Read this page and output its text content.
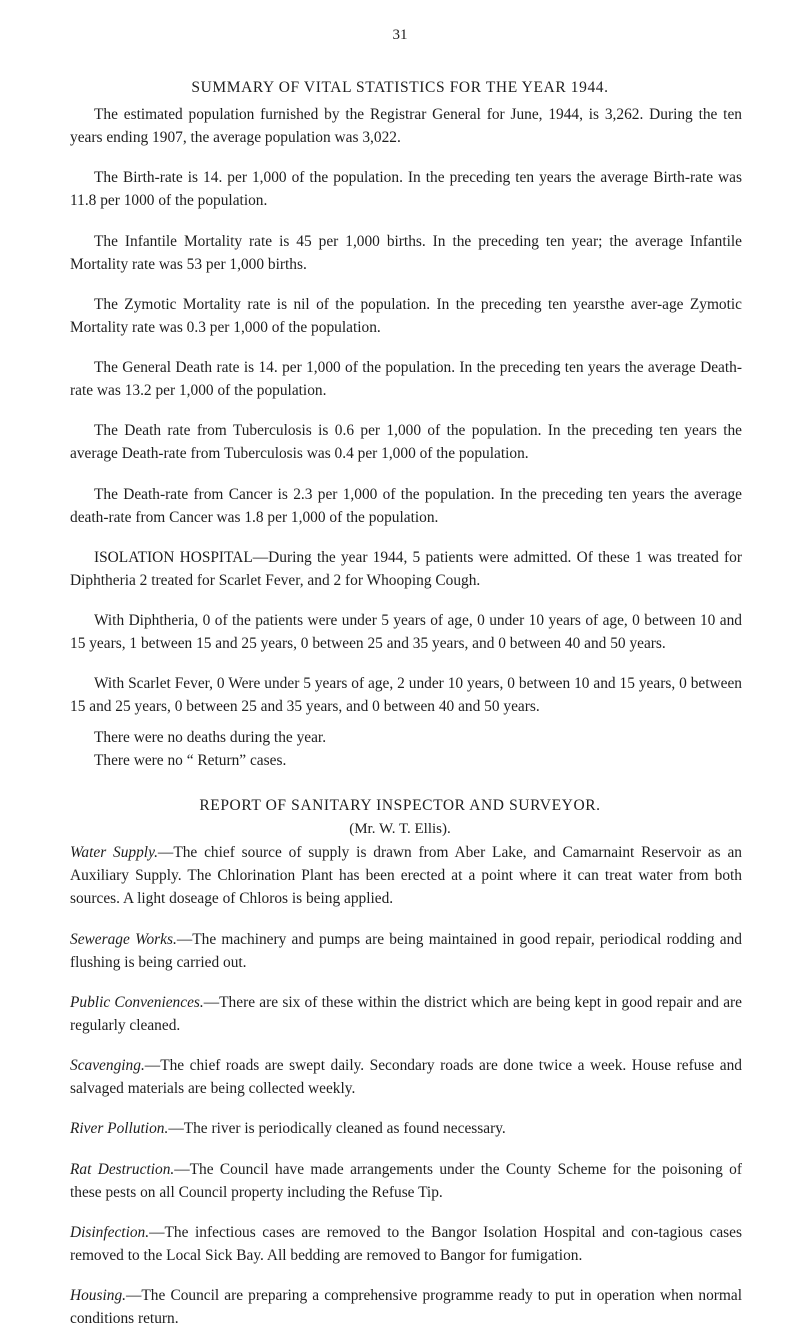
31
SUMMARY OF VITAL STATISTICS FOR THE YEAR 1944.

The estimated population furnished by the Registrar General for June, 1944, is 3,262. During the ten years ending 1907, the average population was 3,022.

The Birth-rate is 14. per 1,000 of the population. In the preceding ten years the average Birth-rate was 11.8 per 1000 of the population.

The Infantile Mortality rate is 45 per 1,000 births. In the preceding ten year; the average Infantile Mortality rate was 53 per 1,000 births.

The Zymotic Mortality rate is nil of the population. In the preceding ten yearsthe aver-age Zymotic Mortality rate was 0.3 per 1,000 of the population.

The General Death rate is 14. per 1,000 of the population. In the preceding ten years the average Death-rate was 13.2 per 1,000 of the population.

The Death rate from Tuberculosis is 0.6 per 1,000 of the population. In the preceding ten years the average Death-rate from Tuberculosis was 0.4 per 1,000 of the population.

The Death-rate from Cancer is 2.3 per 1,000 of the population. In the preceding ten years the average death-rate from Cancer was 1.8 per 1,000 of the population.

ISOLATION HOSPITAL—During the year 1944, 5 patients were admitted. Of these 1 was treated for Diphtheria 2 treated for Scarlet Fever, and 2 for Whooping Cough.

With Diphtheria, 0 of the patients were under 5 years of age, 0 under 10 years of age, 0 between 10 and 15 years, 1 between 15 and 25 years, 0 between 25 and 35 years, and 0 between 40 and 50 years.

With Scarlet Fever, 0 Were under 5 years of age, 2 under 10 years, 0 between 10 and 15 years, 0 between 15 and 25 years, 0 between 25 and 35 years, and 0 between 40 and 50 years.

There were no deaths during the year.

There were no “ Return” cases.

REPORT OF SANITARY INSPECTOR AND SURVEYOR.
(Mr. W. T. Ellis).

Water Supply.—The chief source of supply is drawn from Aber Lake, and Camarnaint Reservoir as an Auxiliary Supply. The Chlorination Plant has been erected at a point where it can treat water from both sources. A light doseage of Chloros is being applied.

Sewerage Works.—The machinery and pumps are being maintained in good repair, periodical rodding and flushing is being carried out.

Public Conveniences.—There are six of these within the district which are being kept in good repair and are regularly cleaned.

Scavenging.—The chief roads are swept daily. Secondary roads are done twice a week. House refuse and salvaged materials are being collected weekly.

River Pollution.—The river is periodically cleaned as found necessary.

Rat Destruction.—The Council have made arrangements under the County Scheme for the poisoning of these pests on all Council property including the Refuse Tip.

Disinfection.—The infectious cases are removed to the Bangor Isolation Hospital and con-tagious cases removed to the Local Sick Bay. All bedding are removed to Bangor for fumigation.

Housing.—The Council are preparing a comprehensive programme ready to put in operation when normal conditions return.
